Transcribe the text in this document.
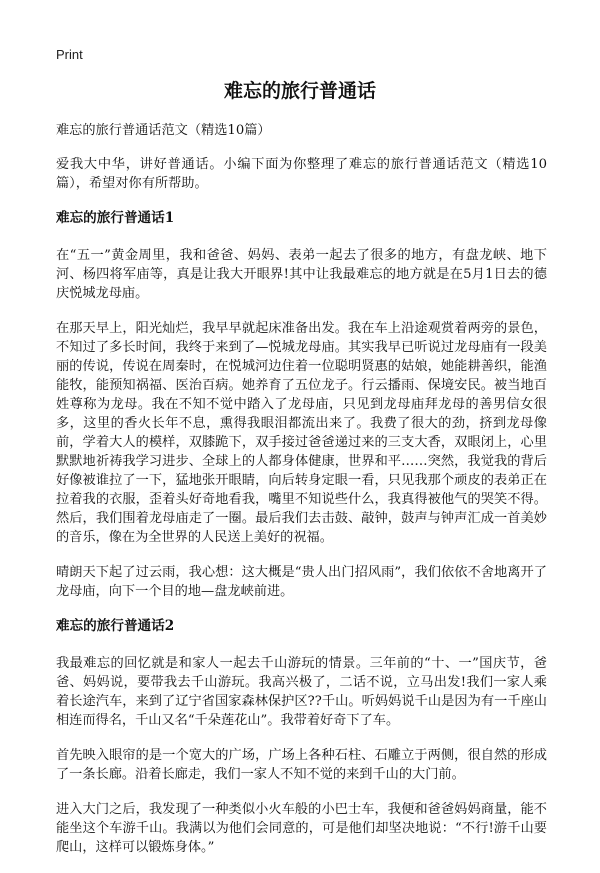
Print
难忘的旅行普通话

难忘的旅行普通话范文（精选10篇）

爱我大中华，讲好普通话。小编下面为你整理了难忘的旅行普通话范文（精选10篇），希望对你有所帮助。

难忘的旅行普通话1

在“五一”黄金周里，我和爸爸、妈妈、表弟一起去了很多的地方，有盘龙峡、地下河、杨四将军庙等，真是让我大开眼界!其中让我最难忘的地方就是在5月1日去的德庆悦城龙母庙。

在那天早上，阳光灿烂，我早早就起床准备出发。我在车上沿途观赏着两旁的景色，不知过了多长时间，我终于来到了—悦城龙母庙。其实我早已听说过龙母庙有一段美丽的传说，传说在周秦时，在悦城河边住着一位聪明贤惠的姑娘，她能耕善织，能渔能牧，能预知祸福、医治百病。她养育了五位龙子。行云播雨、保境安民。被当地百姓尊称为龙母。我在不知不觉中踏入了龙母庙，只见到龙母庙拜龙母的善男信女很多，这里的香火长年不息，熏得我眼泪都流出来了。我费了很大的劲，挤到龙母像前，学着大人的模样，双膝跪下，双手接过爸爸递过来的三支大香，双眼闭上，心里默默地祈祷我学习进步、全球上的人都身体健康，世界和平……突然，我觉我的背后好像被谁拉了一下，猛地张开眼睛，向后转身定眼一看，只见我那个顽皮的表弟正在拉着我的衣服，歪着头好奇地看我，嘴里不知说些什么，我真得被他气的哭笑不得。然后，我们围着龙母庙走了一圈。最后我们去击鼓、敲钟，鼓声与钟声汇成一首美妙的音乐，像在为全世界的人民送上美好的祝福。

晴朗天下起了过云雨，我心想：这大概是“贵人出门招风雨”，我们依依不舍地离开了龙母庙，向下一个目的地—盘龙峡前进。

难忘的旅行普通话2

我最难忘的回忆就是和家人一起去千山游玩的情景。三年前的“十、一”国庆节，爸爸、妈妈说，要带我去千山游玩。我高兴极了，二话不说，立马出发!我们一家人乘着长途汽车，来到了辽宁省国家森林保护区??千山。听妈妈说千山是因为有一千座山相连而得名，千山又名“千朵莲花山”。我带着好奇下了车。

首先映入眼帘的是一个宽大的广场，广场上各种石柱、石雕立于两侧，很自然的形成了一条长廊。沿着长廊走，我们一家人不知不觉的来到千山的大门前。

进入大门之后，我发现了一种类似小火车般的小巴士车，我便和爸爸妈妈商量，能不能坐这个车游千山。我满以为他们会同意的，可是他们却坚决地说：“不行!游千山要爬山，这样可以锻炼身体。”
